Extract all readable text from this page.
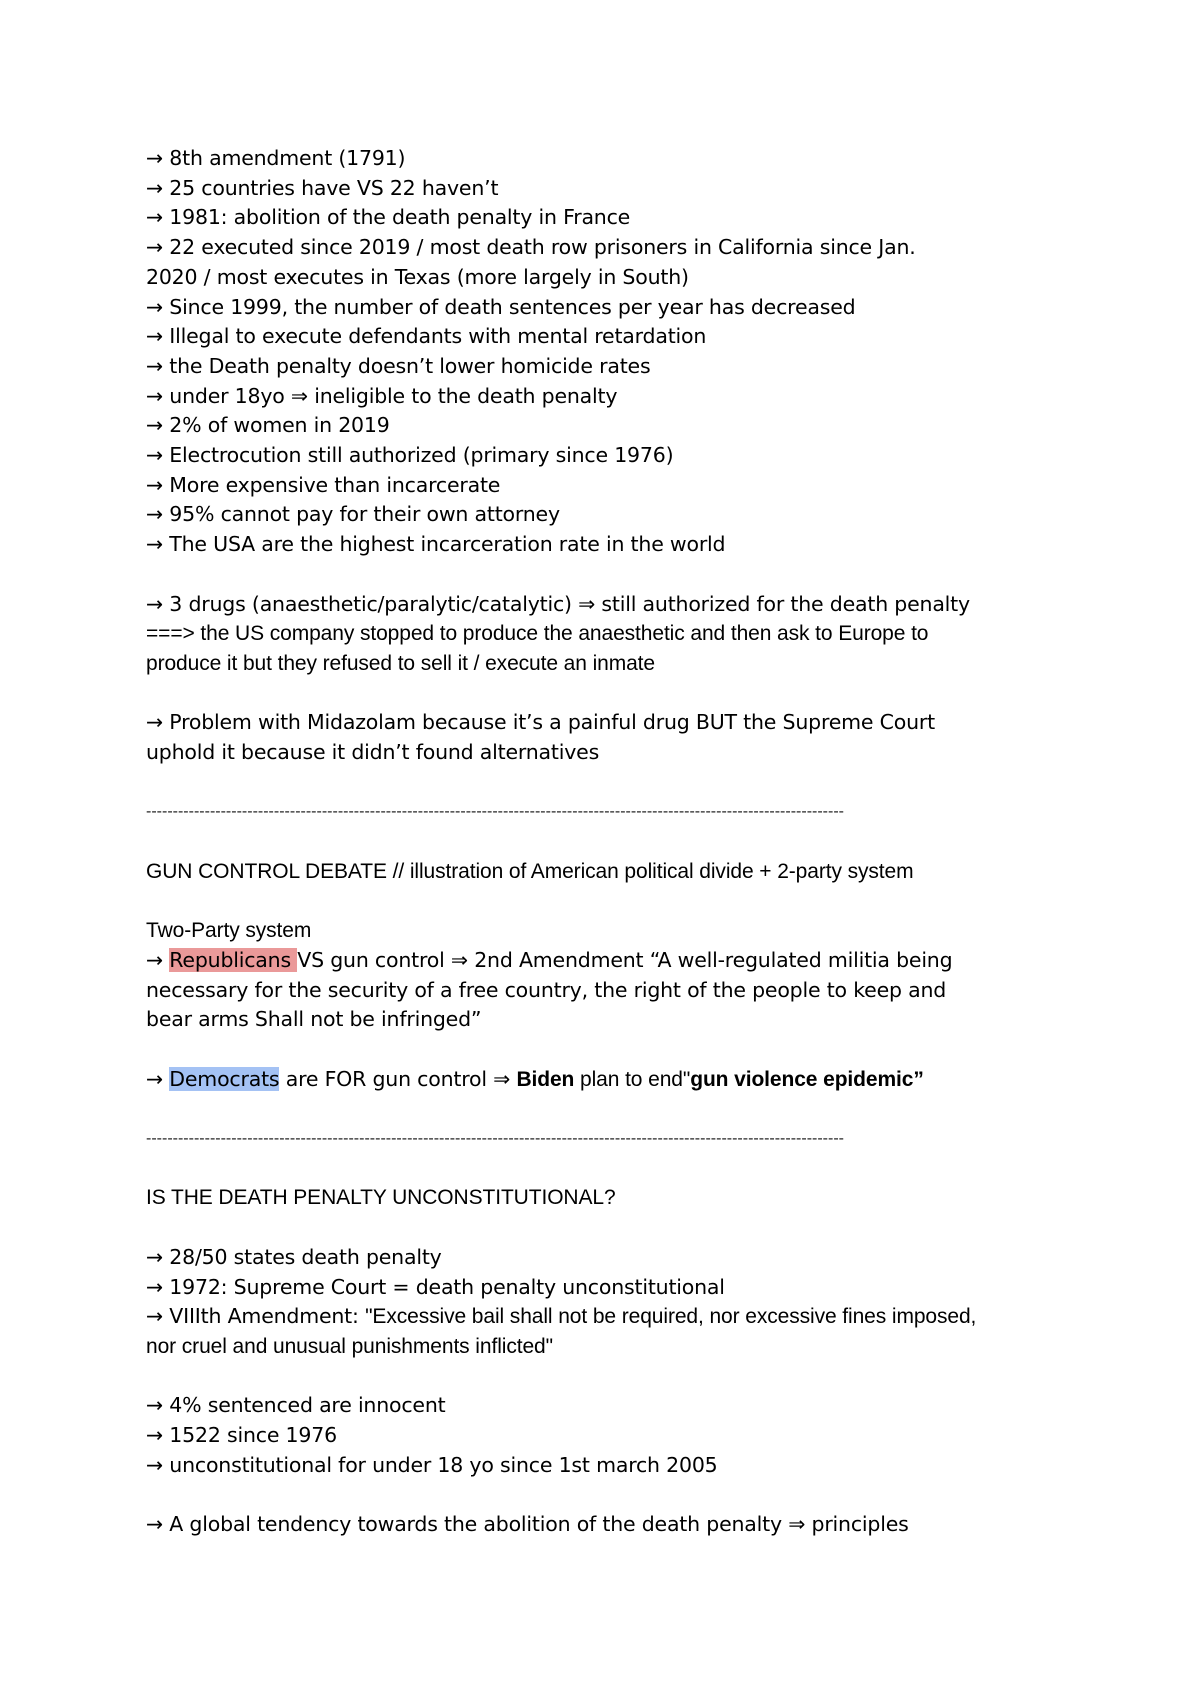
→ 8th amendment (1791)
→ 25 countries have VS 22 haven’t
→ 1981: abolition of the death penalty in France
→ 22 executed since 2019 / most death row prisoners in California since Jan.
2020 / most executes in Texas (more largely in South)
→ Since 1999, the number of death sentences per year has decreased
→ Illegal to execute defendants with mental retardation
→ the Death penalty doesn’t lower homicide rates
→ under 18yo ⇒ ineligible to the death penalty
→ 2% of women in 2019
→ Electrocution still authorized (primary since 1976)
→ More expensive than incarcerate
→ 95% cannot pay for their own attorney
→ The USA are the highest incarceration rate in the world
→ 3 drugs (anaesthetic/paralytic/catalytic) ⇒ still authorized for the death penalty
===> the US company stopped to produce the anaesthetic and then ask to Europe to
produce it but they refused to sell it / execute an inmate
→ Problem with Midazolam because it’s a painful drug BUT the Supreme Court
uphold it because it didn’t found alternatives
-----------------------------------------------------------------------------------------------------------------------------------
GUN CONTROL DEBATE // illustration of American political divide + 2-party system
Two-Party system
→ Republicans VS gun control ⇒ 2nd Amendment “A well-regulated militia being
necessary for the security of a free country, the right of the people to keep and
bear arms Shall not be infringed”
→ Democrats are FOR gun control ⇒ Biden plan to end"gun violence epidemic”
-----------------------------------------------------------------------------------------------------------------------------------
IS THE DEATH PENALTY UNCONSTITUTIONAL?
→ 28/50 states death penalty
→ 1972: Supreme Court = death penalty unconstitutional
→ VIIIth Amendment: "Excessive bail shall not be required, nor excessive fines imposed,
nor cruel and unusual punishments inflicted"
→ 4% sentenced are innocent
→ 1522 since 1976
→ unconstitutional for under 18 yo since 1st march 2005
→ A global tendency towards the abolition of the death penalty ⇒ principles
